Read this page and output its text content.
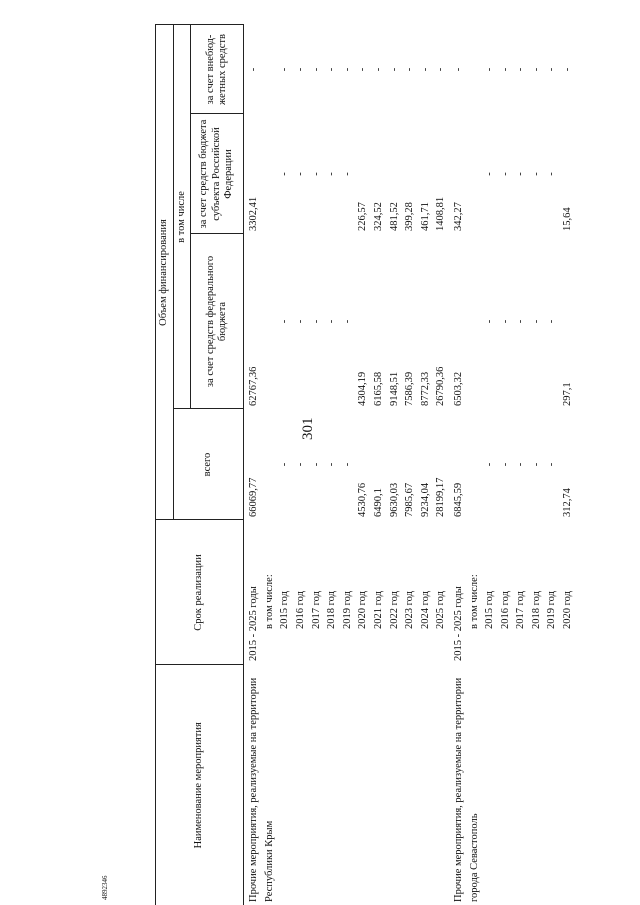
301
4892346
Наименование мероприятия	Срок реализации	Объем финансирования			
		всего	в том числе		
			за счет средств федерального бюджета	за счет средств бюджета субъекта Российской Федерации	за счет внебюд-жетных средств

Прочие мероприятия, реализуемые на территории Республики Крым	2015 - 2025 годы	66069,77	62767,36	3302,41	-
	в том числе:				
	2015 год	-	-	-	-
	2016 год	-	-	-	-
	2017 год	-	-	-	-
	2018 год	-	-	-	-
	2019 год	-	-	-	-
	2020 год	4530,76	4304,19	226,57	-
	2021 год	6490,1	6165,58	324,52	-
	2022 год	9630,03	9148,51	481,52	-
	2023 год	7985,67	7586,39	399,28	-
	2024 год	9234,04	8772,33	461,71	-
	2025 год	28199,17	26790,36	1408,81	-

Прочие мероприятия, реализуемые на территории города Севастополь	2015 - 2025 годы	6845,59	6503,32	342,27	-
	в том числе:				
	2015 год	-	-	-	-
	2016 год	-	-	-	-
	2017 год	-	-	-	-
	2018 год	-	-	-	-
	2019 год	-	-	-	-
	2020 год	312,74	297,1	15,64	-
